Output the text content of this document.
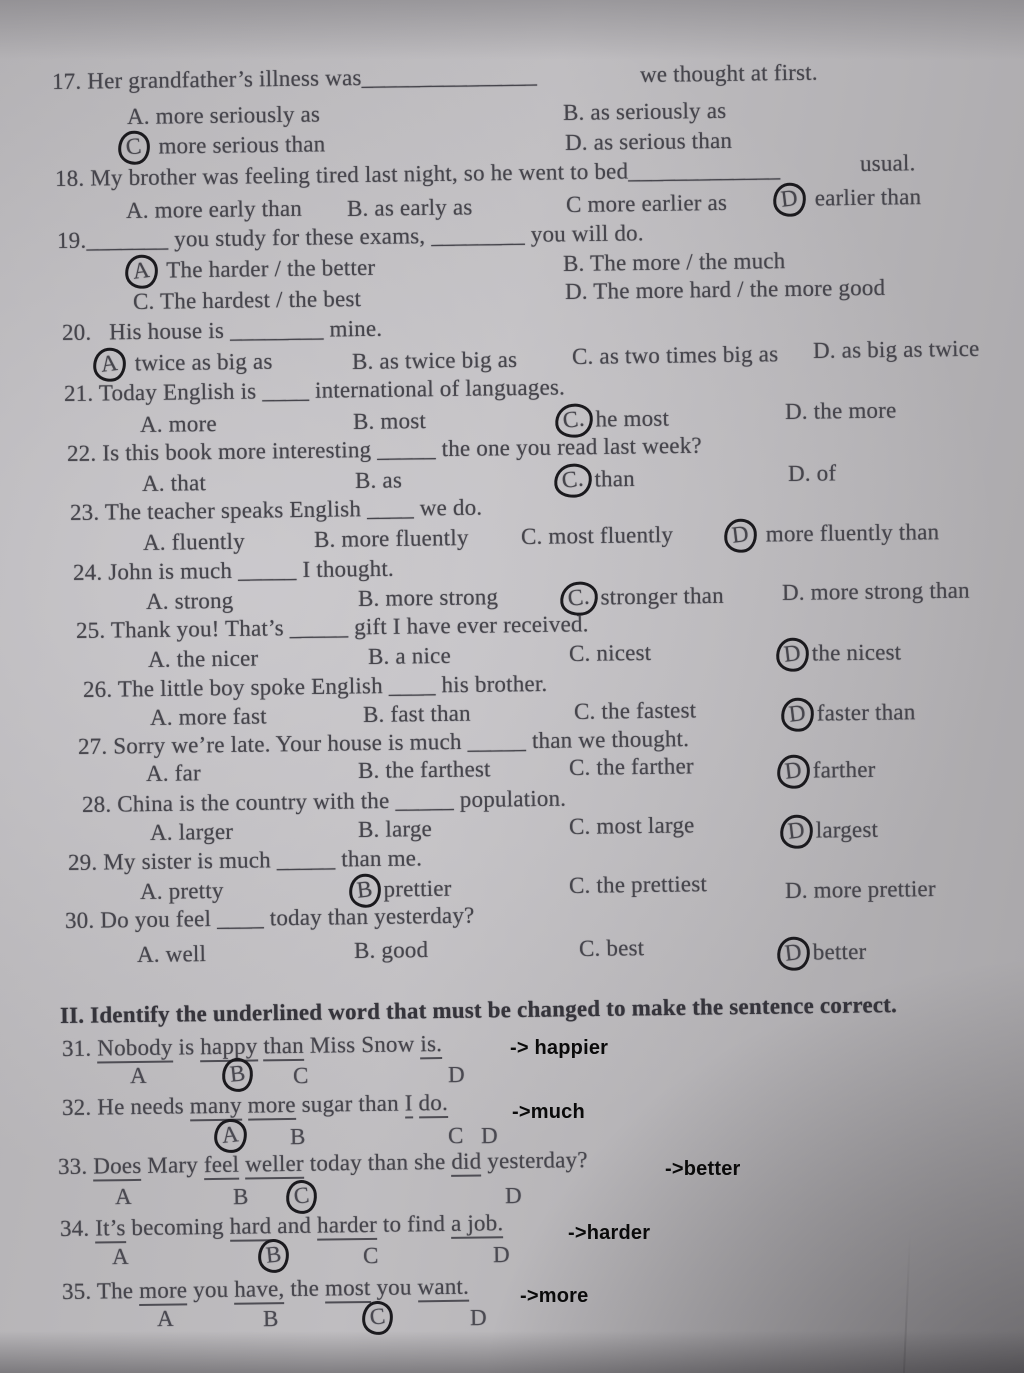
17. Her grandfather’s illness was_______________	we thought at first.
A. more seriously as	B. as seriously as
C more serious than	D. as serious than
18. My brother was feeling tired last night, so he went to bed_____________	usual.
A. more early than B. as early as	C more earlier as D earlier than
19._______ you study for these exams, ________ you will do.
A The harder / the better	B. The more / the much
C. The hardest / the best	D. The more hard / the more good
20.   His house is ________ mine.
A twice as big as	B. as twice big as C. as two times big as D. as big as twice
21. Today English is ____ international of languages.
A. more	B. most	C. he most	D. the more
22. Is this book more interesting _____ the one you read last week?
A. that	B. as	C. than	D. of
23. The teacher speaks English ____ we do.
A. fluently	B. more fluently C. most fluently D more fluently than
24. John is much _____ I thought.
A. strong	B. more strong	C. stronger than	D. more strong than
25. Thank you! That’s _____ gift I have ever received.
A. the nicer	B. a nice	C. nicest	D the nicest
26. The little boy spoke English ____ his brother.
A. more fast	B. fast than	C. the fastest	D faster than
27. Sorry we’re late. Your house is much _____ than we thought.
A. far	B. the farthest	C. the farther	D farther
28. China is the country with the _____ population.
A. larger	B. large	C. most large	D largest
29. My sister is much _____ than me.
A. pretty	B prettier	C. the prettiest	D. more prettier
30. Do you feel ____ today than yesterday?
A. well	B. good	C. best	D better
II. Identify the underlined word that must be changed to make the sentence correct.
31. Nobody is happy than Miss Snow is.	-> happier
A	B	C	D
32. He needs many more sugar than I do.	->much
A	B	C D
33. Does Mary feel weller today than she did yesterday?	->better
A	B	C	D
34. It’s becoming hard and harder to find a job.	->harder
A	B	C	D
35. The more you have, the most you want.	->more
A	B	C	D
